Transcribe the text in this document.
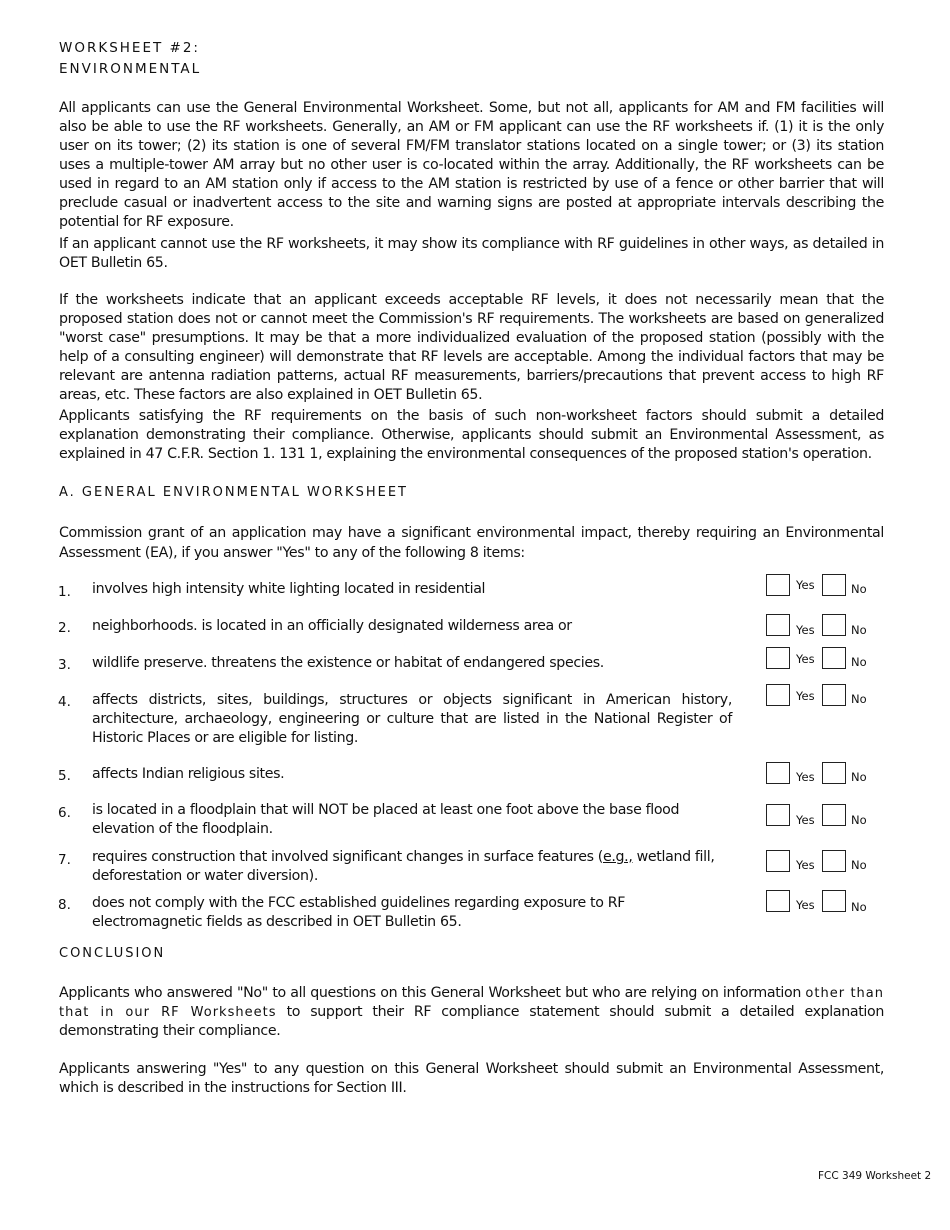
WORKSHEET #2:
ENVIRONMENTAL

All applicants can use the General Environmental Worksheet. Some, but not all, applicants for AM and FM facilities will also be able to use the RF worksheets. Generally, an AM or FM applicant can use the RF worksheets if. (1) it is the only user on its tower; (2) its station is one of several FM/FM translator stations located on a single tower; or (3) its station uses a multiple-tower AM array but no other user is co-located within the array. Additionally, the RF worksheets can be used in regard to an AM station only if access to the AM station is restricted by use of a fence or other barrier that will preclude casual or inadvertent access to the site and warning signs are posted at appropriate intervals describing the potential for RF exposure.

If an applicant cannot use the RF worksheets, it may show its compliance with RF guidelines in other ways, as detailed in OET Bulletin 65.

If the worksheets indicate that an applicant exceeds acceptable RF levels, it does not necessarily mean that the proposed station does not or cannot meet the Commission's RF requirements. The worksheets are based on generalized "worst case" presumptions. It may be that a more individualized evaluation of the proposed station (possibly with the help of a consulting engineer) will demonstrate that RF levels are acceptable. Among the individual factors that may be relevant are antenna radiation patterns, actual RF measurements, barriers/precautions that prevent access to high RF areas, etc. These factors are also explained in OET Bulletin 65.

Applicants satisfying the RF requirements on the basis of such non-worksheet factors should submit a detailed explanation demonstrating their compliance. Otherwise, applicants should submit an Environmental Assessment, as explained in 47 C.F.R. Section 1. 131 1, explaining the environmental consequences of the proposed station's operation.

A. GENERAL ENVIRONMENTAL WORKSHEET

Commission grant of an application may have a significant environmental impact, thereby requiring an Environmental Assessment (EA), if you answer "Yes" to any of the following 8 items:

1. involves high intensity white lighting located in residential	Yes	No
2. neighborhoods. is located in an officially designated wilderness area or	Yes	No
3. wildlife preserve. threatens the existence or habitat of endangered species.	Yes	No
4. affects districts, sites, buildings, structures or objects significant in American history, architecture, archaeology, engineering or culture that are listed in the National Register of Historic Places or are eligible for listing.
Yes	No
5. affects Indian religious sites.	Yes	No
6. is located in a floodplain that will NOT be placed at least one foot above the base flood elevation of the floodplain.
Yes	No
7. requires construction that involved significant changes in surface features (e.g., wetland fill, deforestation or water diversion).
Yes	No
8. does not comply with the FCC established guidelines regarding exposure to RF electromagnetic fields as described in OET Bulletin 65.
Yes	No
CONCLUSION

Applicants who answered "No" to all questions on this General Worksheet but who are relying on information other than that in our RF Worksheets to support their RF compliance statement should submit a detailed explanation demonstrating their compliance.

Applicants answering "Yes" to any question on this General Worksheet should submit an Environmental Assessment, which is described in the instructions for Section III.

FCC 349 Worksheet 2
